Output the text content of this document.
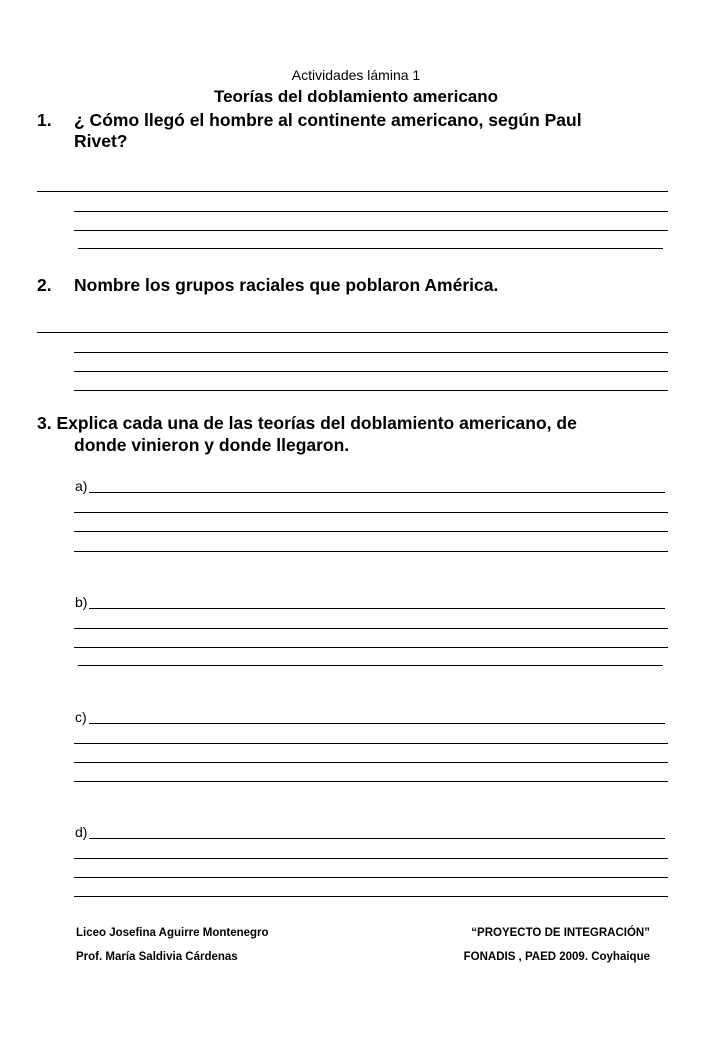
Actividades lámina 1
Teorías del doblamiento americano
1. ¿ Cómo llegó el hombre al continente americano, según Paul
Rivet?
2. Nombre los grupos raciales que poblaron América.
3. Explica cada una de las teorías del doblamiento americano, de
donde vinieron y donde llegaron.
a)
b)
c)
d)
Liceo Josefina Aguirre Montenegro
Prof. María Saldivia Cárdenas
“PROYECTO DE INTEGRACIÓN”
FONADIS , PAED 2009. Coyhaique
